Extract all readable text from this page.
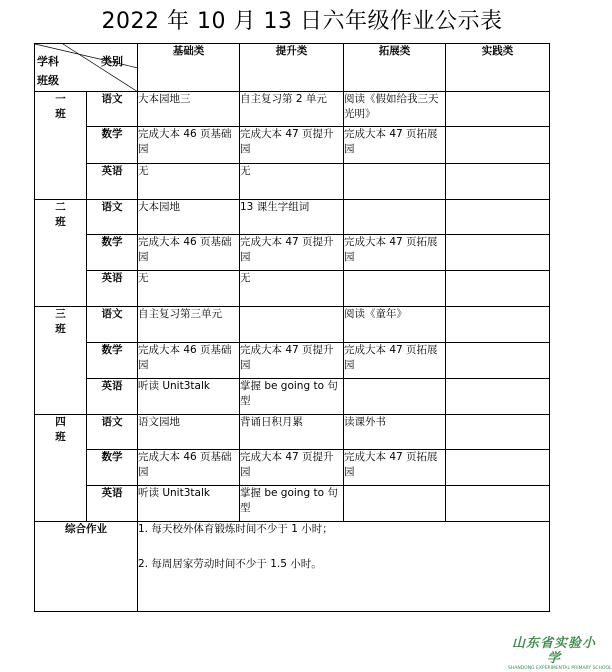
2022 年 10 月 13 日六年级作业公示表
学科 类别
班级		基础类	提升类	拓展类	实践类
一
班	语文	大本园地三	自主复习第 2 单元	阅读《假如给我三天光明》	
	数学	完成大本 46 页基础园	完成大本 47 页提升园	完成大本 47 页拓展园	
	英语	无	无		
二
班	语文	大本园地	13 课生字组词		
	数学	完成大本 46 页基础园	完成大本 47 页提升园	完成大本 47 页拓展园	
	英语	无	无		
三
班	语文	自主复习第三单元		阅读《童年》	
	数学	完成大本 46 页基础园	完成大本 47 页提升园	完成大本 47 页拓展园	
	英语	听读 Unit3talk	掌握 be going to 句型		
四
班	语文	语文园地	背诵日积月累	读课外书	
	数学	完成大本 46 页基础园	完成大本 47 页提升园	完成大本 47 页拓展园	
	英语	听读 Unit3talk	掌握 be going to 句型		
综合作业		1. 每天校外体育锻炼时间不少于 1 小时；

2. 每周居家劳动时间不少于 1.5 小时。			

山东省实验小学
SHANDONG EXPERIMENTAL PRIMARY SCHOOL
